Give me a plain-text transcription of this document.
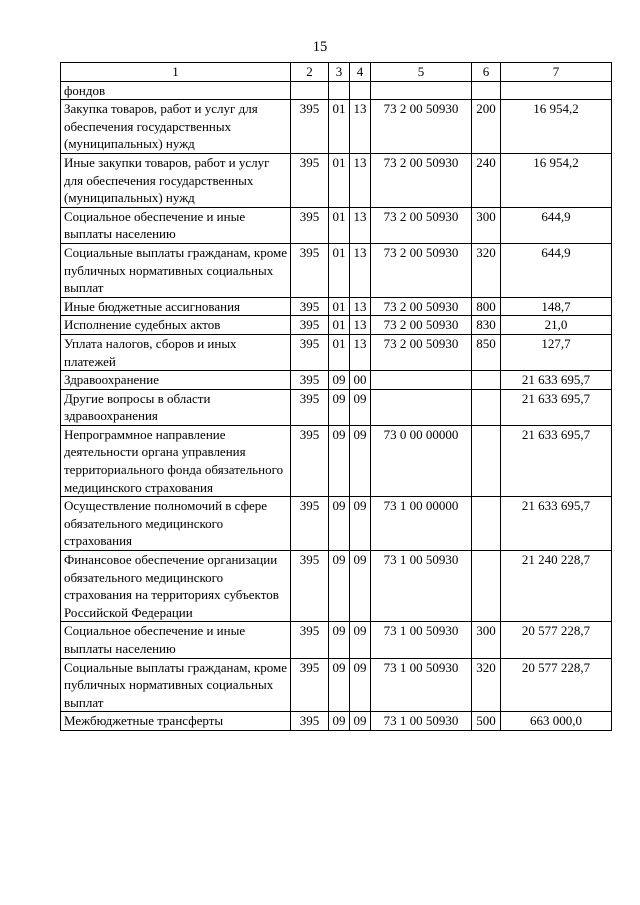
15
1	2	3	4	5	6	7
фондов						
Закупка товаров, работ и услуг для обеспечения государственных (муниципальных) нужд	395	01	13	73 2 00 50930	200	16 954,2
Иные закупки товаров, работ и услуг для обеспечения государственных (муниципальных) нужд	395	01	13	73 2 00 50930	240	16 954,2
Социальное обеспечение и иные выплаты населению	395	01	13	73 2 00 50930	300	644,9
Социальные выплаты гражданам, кроме публичных нормативных социальных выплат	395	01	13	73 2 00 50930	320	644,9
Иные бюджетные ассигнования	395	01	13	73 2 00 50930	800	148,7
Исполнение судебных актов	395	01	13	73 2 00 50930	830	21,0
Уплата налогов, сборов и иных платежей	395	01	13	73 2 00 50930	850	127,7
Здравоохранение	395	09	00			21 633 695,7
Другие вопросы в области здравоохранения	395	09	09			21 633 695,7
Непрограммное направление деятельности органа управления территориального фонда обязательного медицинского страхования	395	09	09	73 0 00 00000		21 633 695,7
Осуществление полномочий в сфере обязательного медицинского страхования	395	09	09	73 1 00 00000		21 633 695,7
Финансовое обеспечение организации обязательного медицинского страхования на территориях субъектов Российской Федерации	395	09	09	73 1 00 50930		21 240 228,7
Социальное обеспечение и иные выплаты населению	395	09	09	73 1 00 50930	300	20 577 228,7
Социальные выплаты гражданам, кроме публичных нормативных социальных выплат	395	09	09	73 1 00 50930	320	20 577 228,7
Межбюджетные трансферты	395	09	09	73 1 00 50930	500	663 000,0
